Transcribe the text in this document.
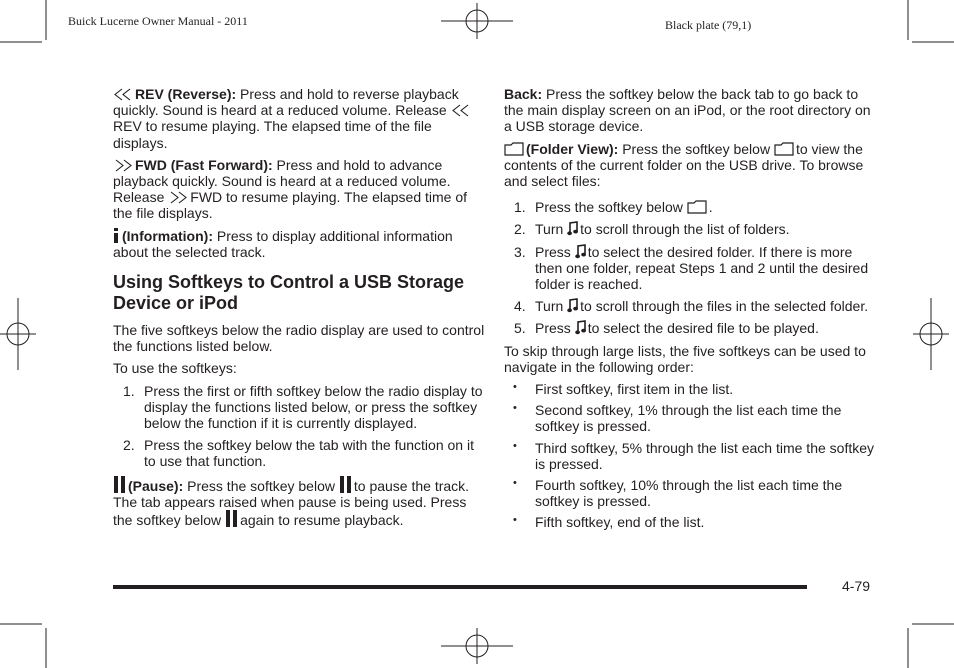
Buick Lucerne Owner Manual - 2011	Black plate (79,1)

REV (Reverse): Press and hold to reverse playback quickly. Sound is heard at a reduced volume. Release REV to resume playing. The elapsed time of the file displays.

FWD (Fast Forward): Press and hold to advance playback quickly. Sound is heard at a reduced volume. Release FWD to resume playing. The elapsed time of the file displays.

(Information): Press to display additional information about the selected track.

Using Softkeys to Control a USB Storage Device or iPod

The five softkeys below the radio display are used to control the functions listed below.

To use the softkeys:

1. Press the first or fifth softkey below the radio display to display the functions listed below, or press the softkey below the function if it is currently displayed.
2. Press the softkey below the tab with the function on it to use that function.

(Pause): Press the softkey below to pause the track. The tab appears raised when pause is being used. Press the softkey below again to resume playback.

Back: Press the softkey below the back tab to go back to the main display screen on an iPod, or the root directory on a USB storage device.

(Folder View): Press the softkey below to view the contents of the current folder on the USB drive. To browse and select files:

1. Press the softkey below .
2. Turn to scroll through the list of folders.
3. Press to select the desired folder. If there is more then one folder, repeat Steps 1 and 2 until the desired folder is reached.
4. Turn to scroll through the files in the selected folder.
5. Press to select the desired file to be played.

To skip through large lists, the five softkeys can be used to navigate in the following order:

• First softkey, first item in the list.
• Second softkey, 1% through the list each time the softkey is pressed.
• Third softkey, 5% through the list each time the softkey is pressed.
• Fourth softkey, 10% through the list each time the softkey is pressed.
• Fifth softkey, end of the list.
4-79
